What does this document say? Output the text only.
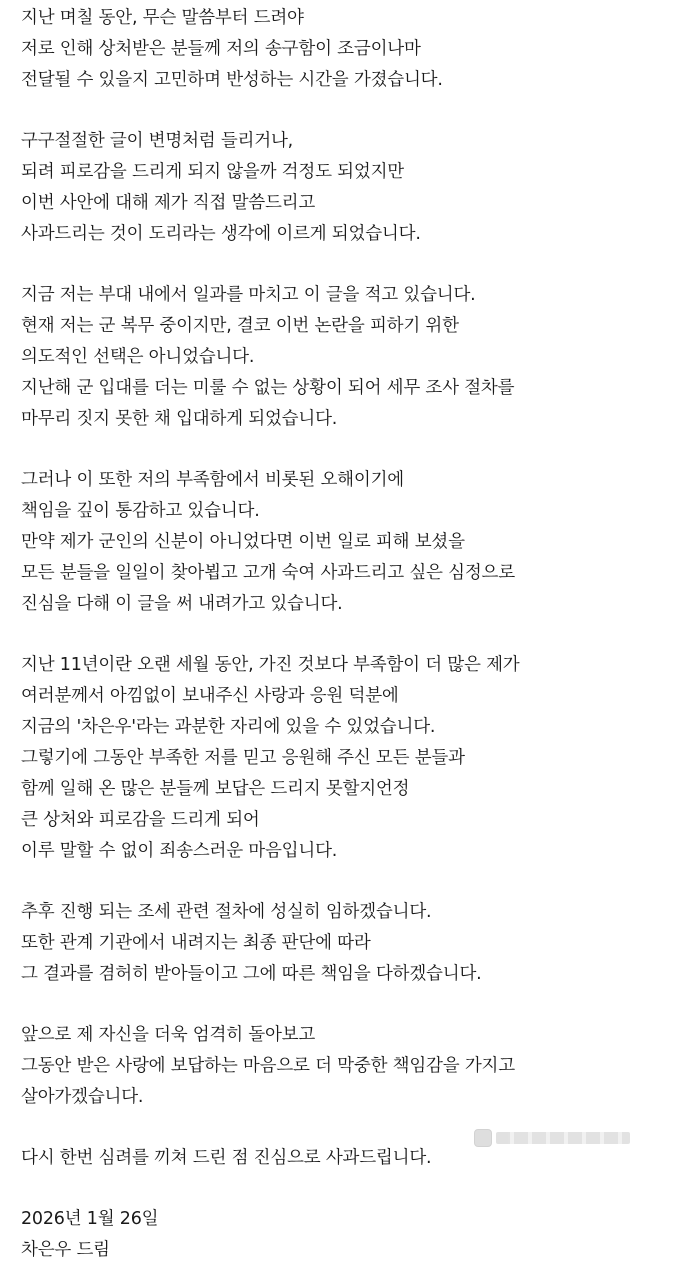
지난 며칠 동안, 무슨 말씀부터 드려야
저로 인해 상처받은 분들께 저의 송구함이 조금이나마
전달될 수 있을지 고민하며 반성하는 시간을 가졌습니다.
구구절절한 글이 변명처럼 들리거나,
되려 피로감을 드리게 되지 않을까 걱정도 되었지만
이번 사안에 대해 제가 직접 말씀드리고
사과드리는 것이 도리라는 생각에 이르게 되었습니다.
지금 저는 부대 내에서 일과를 마치고 이 글을 적고 있습니다.
현재 저는 군 복무 중이지만, 결코 이번 논란을 피하기 위한
의도적인 선택은 아니었습니다.
지난해 군 입대를 더는 미룰 수 없는 상황이 되어 세무 조사 절차를
마무리 짓지 못한 채 입대하게 되었습니다.
그러나 이 또한 저의 부족함에서 비롯된 오해이기에
책임을 깊이 통감하고 있습니다.
만약 제가 군인의 신분이 아니었다면 이번 일로 피해 보셨을
모든 분들을 일일이 찾아뵙고 고개 숙여 사과드리고 싶은 심정으로
진심을 다해 이 글을 써 내려가고 있습니다.
지난 11년이란 오랜 세월 동안, 가진 것보다 부족함이 더 많은 제가
여러분께서 아낌없이 보내주신 사랑과 응원 덕분에
지금의 '차은우'라는 과분한 자리에 있을 수 있었습니다.
그렇기에 그동안 부족한 저를 믿고 응원해 주신 모든 분들과
함께 일해 온 많은 분들께 보답은 드리지 못할지언정
큰 상처와 피로감을 드리게 되어
이루 말할 수 없이 죄송스러운 마음입니다.
추후 진행 되는 조세 관련 절차에 성실히 임하겠습니다.
또한 관계 기관에서 내려지는 최종 판단에 따라
그 결과를 겸허히 받아들이고 그에 따른 책임을 다하겠습니다.
앞으로 제 자신을 더욱 엄격히 돌아보고
그동안 받은 사랑에 보답하는 마음으로 더 막중한 책임감을 가지고
살아가겠습니다.
다시 한번 심려를 끼쳐 드린 점 진심으로 사과드립니다.
2026년 1월 26일
차은우 드림
